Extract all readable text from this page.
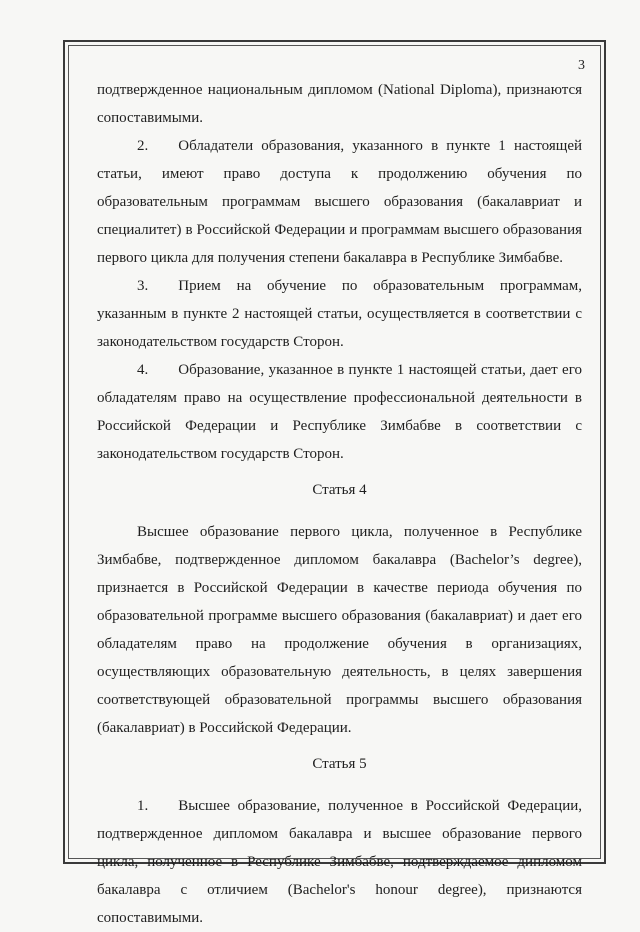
3

подтвержденное национальным дипломом (National Diploma), признаются сопоставимыми.

2.  Обладатели образования, указанного в пункте 1 настоящей статьи, имеют право доступа к продолжению обучения по образовательным программам высшего образования (бакалавриат и специалитет) в Российской Федерации и программам высшего образования первого цикла для получения степени бакалавра в Республике Зимбабве.

3.  Прием на обучение по образовательным программам, указанным в пункте 2 настоящей статьи, осуществляется в соответствии с законодательством государств Сторон.

4.  Образование, указанное в пункте 1 настоящей статьи, дает его обладателям право на осуществление профессиональной деятельности в Российской Федерации и Республике Зимбабве в соответствии с законодательством государств Сторон.

Статья 4

Высшее образование первого цикла, полученное в Республике Зимбабве, подтвержденное дипломом бакалавра (Bachelor’s degree), признается в Российской Федерации в качестве периода обучения по образовательной программе высшего образования (бакалавриат) и дает его обладателям право на продолжение обучения в организациях, осуществляющих образовательную деятельность, в целях завершения соответствующей образовательной программы высшего образования (бакалавриат) в Российской Федерации.

Статья 5

1.  Высшее образование, полученное в Российской Федерации, подтвержденное дипломом бакалавра и высшее образование первого цикла, полученное в Республике Зимбабве, подтверждаемое дипломом бакалавра с отличием (Bachelor's honour degree), признаются сопоставимыми.
